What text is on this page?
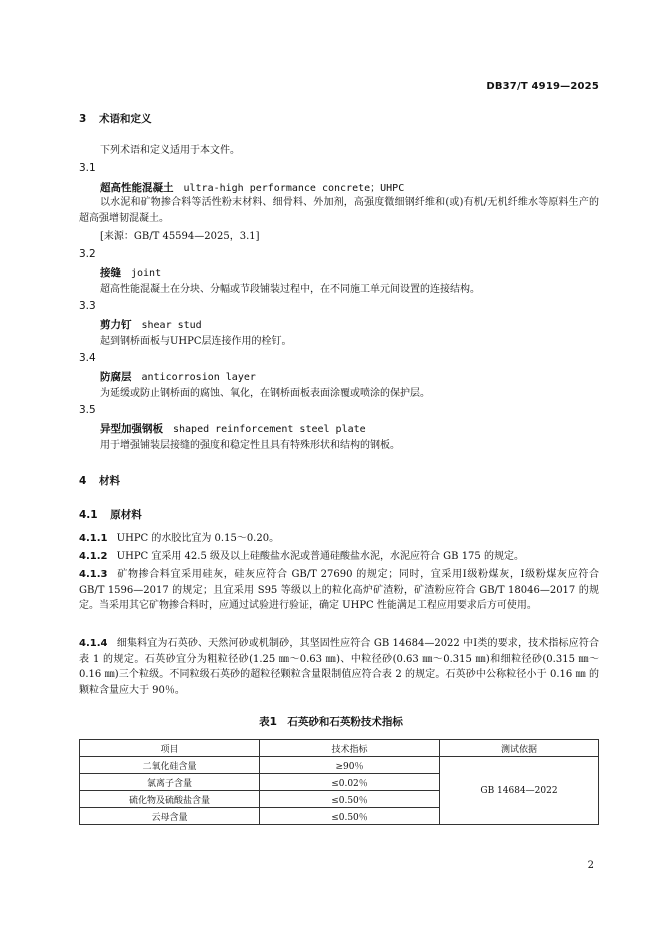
DB37/T 4919—2025
3 术语和定义
下列术语和定义适用于本文件。
3.1
超高性能混凝土 ultra-high performance concrete；UHPC
以水泥和矿物掺合料等活性粉末材料、细骨料、外加剂，高强度微细钢纤维和(或)有机/无机纤维水等原料生产的超高强增韧混凝土。
[来源：GB/T 45594—2025，3.1]
3.2
接缝 joint
超高性能混凝土在分块、分幅或节段铺装过程中，在不同施工单元间设置的连接结构。
3.3
剪力钉 shear stud
起到钢桥面板与UHPC层连接作用的栓钉。
3.4
防腐层 anticorrosion layer
为延缓或防止钢桥面的腐蚀、氧化，在钢桥面板表面涂覆或喷涂的保护层。
3.5
异型加强钢板 shaped reinforcement steel plate
用于增强铺装层接缝的强度和稳定性且具有特殊形状和结构的钢板。
4 材料
4.1 原材料
4.1.1 UHPC 的水胶比宜为 0.15～0.20。
4.1.2 UHPC 宜采用 42.5 级及以上硅酸盐水泥或普通硅酸盐水泥，水泥应符合 GB 175 的规定。
4.1.3 矿物掺合料宜采用硅灰，硅灰应符合 GB/T 27690 的规定；同时，宜采用Ⅰ级粉煤灰，Ⅰ级粉煤灰应符合 GB/T 1596—2017 的规定；且宜采用 S95 等级以上的粒化高炉矿渣粉，矿渣粉应符合 GB/T 18046—2017 的规定。当采用其它矿物掺合料时，应通过试验进行验证，确定 UHPC 性能满足工程应用要求后方可使用。
4.1.4 细集料宜为石英砂、天然河砂或机制砂，其坚固性应符合 GB 14684—2022 中Ⅰ类的要求，技术指标应符合表 1 的规定。石英砂宜分为粗粒径砂(1.25 ㎜～0.63 ㎜)、中粒径砂(0.63 ㎜～0.315 ㎜)和细粒径砂(0.315 ㎜～0.16 ㎜)三个粒级。不同粒级石英砂的超粒径颗粒含量限制值应符合表 2 的规定。石英砂中公称粒径小于 0.16 ㎜ 的颗粒含量应大于 90％。
表1　石英砂和石英粉技术指标
项目	技术指标	测试依据
二氧化硅含量	≥90％	GB 14684—2022
氯离子含量	≤0.02％	
硫化物及硫酸盐含量	≤0.50％	
云母含量	≤0.50％	
2
